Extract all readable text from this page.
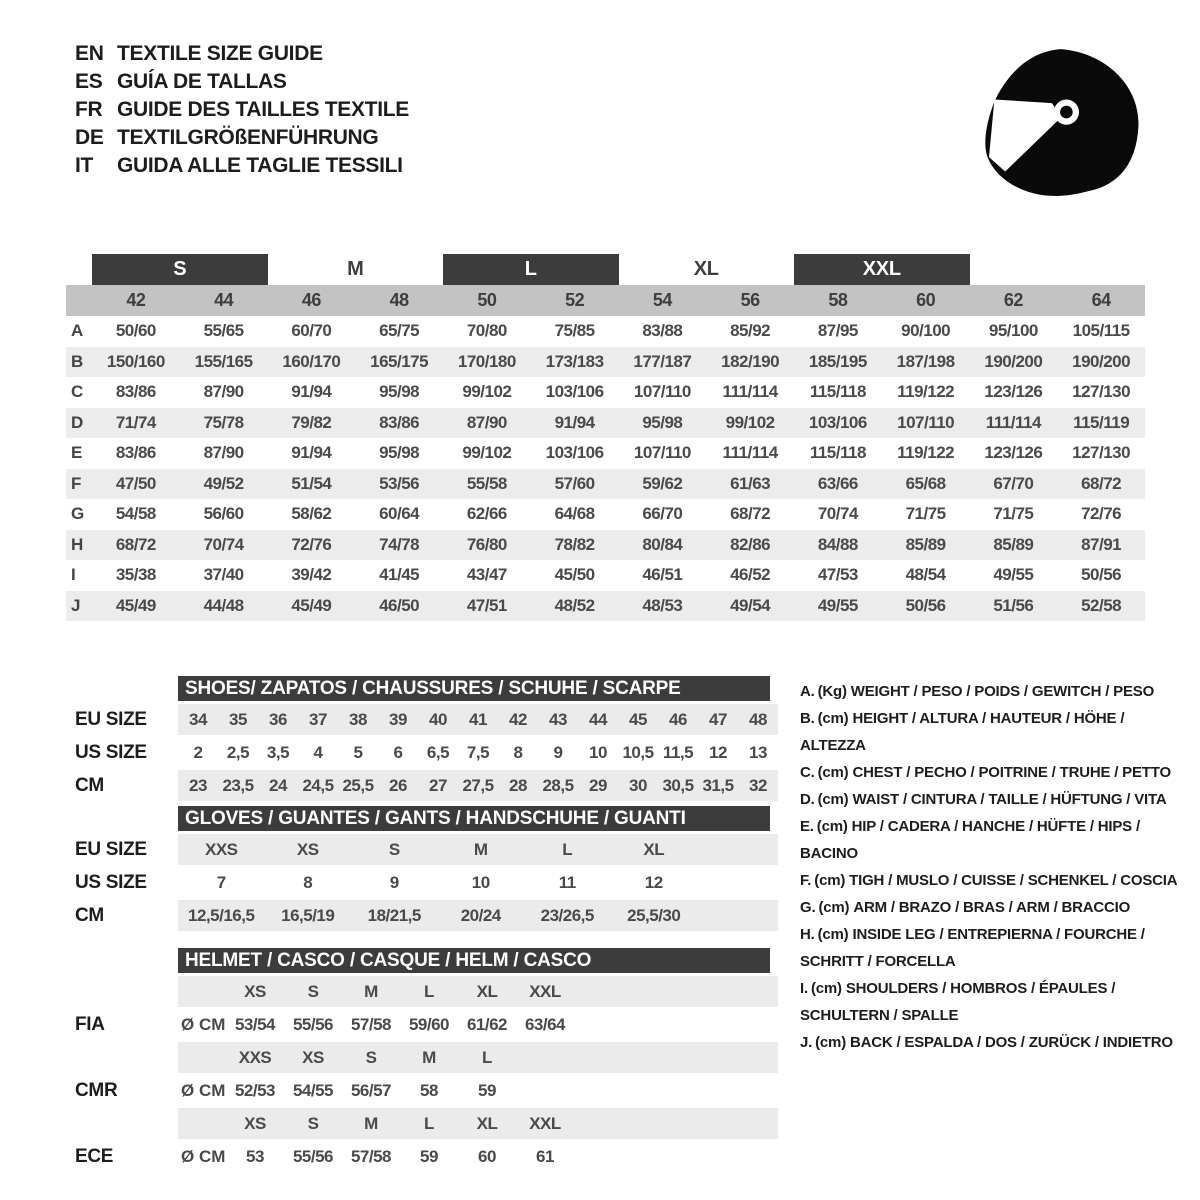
EN TEXTILE SIZE GUIDE
ES GUÍA DE TALLAS
FR GUIDE DES TAILLES TEXTILE
DE TEXTILGRÖßENFÜHRUNG
IT	GUIDA ALLE TAGLIE TESSILI
S	M	L	XL	XXL
42	44	46	48	50	52	54	56	58	60	62	64
A	50/60	55/65	60/70	65/75	70/80	75/85	83/88	85/92	87/95	90/100	95/100	105/115
B	150/160	155/165	160/170	165/175	170/180	173/183	177/187	182/190	185/195	187/198	190/200	190/200
C	83/86	87/90	91/94	95/98	99/102	103/106	107/110	111/114	115/118	119/122	123/126	127/130
D	71/74	75/78	79/82	83/86	87/90	91/94	95/98	99/102	103/106	107/110	111/114	115/119
E	83/86	87/90	91/94	95/98	99/102	103/106	107/110	111/114	115/118	119/122	123/126	127/130
F	47/50	49/52	51/54	53/56	55/58	57/60	59/62	61/63	63/66	65/68	67/70	68/72
G	54/58	56/60	58/62	60/64	62/66	64/68	66/70	68/72	70/74	71/75	71/75	72/76
H	68/72	70/74	72/76	74/78	76/80	78/82	80/84	82/86	84/88	85/89	85/89	87/91
I	35/38	37/40	39/42	41/45	43/47	45/50	46/51	46/52	47/53	48/54	49/55	50/56
J	45/49	44/48	45/49	46/50	47/51	48/52	48/53	49/54	49/55	50/56	51/56	52/58
SHOES/ ZAPATOS / CHAUSSURES / SCHUHE / SCARPE
EU SIZE	34	35	36	37	38	39	40	41	42	43	44	45	46	47	48
US SIZE	2	2,5	3,5	4	5	6	6,5	7,5	8	9	10 10,5 11,5 12	13
CM	23 23,5 24 24,5 25,5 26	27 27,5 28 28,5 29	30 30,5 31,5 32
GLOVES / GUANTES / GANTS / HANDSCHUHE / GUANTI
EU SIZE	XXS	XS	S	M	L	XL
US SIZE	7	8	9	10	11	12
CM	12,5/16,5	16,5/19	18/21,5	20/24	23/26,5	25,5/30
HELMET / CASCO / CASQUE / HELM / CASCO
XS	S	M	L	XL	XXL
FIA	Ø CM 53/54	55/56	57/58	59/60	61/62	63/64
XXS	XS	S	M	L
CMR	Ø CM 52/53	54/55	56/57	58	59
XS	S	M	L	XL	XXL
ECE	Ø CM	53	55/56	57/58	59	60	61
A. (Kg) WEIGHT / PESO / POIDS / GEWITCH / PESO
B. (cm) HEIGHT / ALTURA / HAUTEUR / HÖHE / ALTEZZA
C. (cm) CHEST / PECHO / POITRINE / TRUHE / PETTO
D. (cm) WAIST / CINTURA / TAILLE / HÜFTUNG / VITA
E. (cm) HIP / CADERA / HANCHE / HÜFTE / HIPS / BACINO
F. (cm) TIGH / MUSLO / CUISSE / SCHENKEL / COSCIA
G. (cm) ARM / BRAZO / BRAS / ARM / BRACCIO
H. (cm) INSIDE LEG / ENTREPIERNA / FOURCHE / SCHRITT / FORCELLA
I. (cm) SHOULDERS / HOMBROS / ÉPAULES / SCHULTERN / SPALLE
J. (cm) BACK / ESPALDA / DOS / ZURÜCK / INDIETRO
